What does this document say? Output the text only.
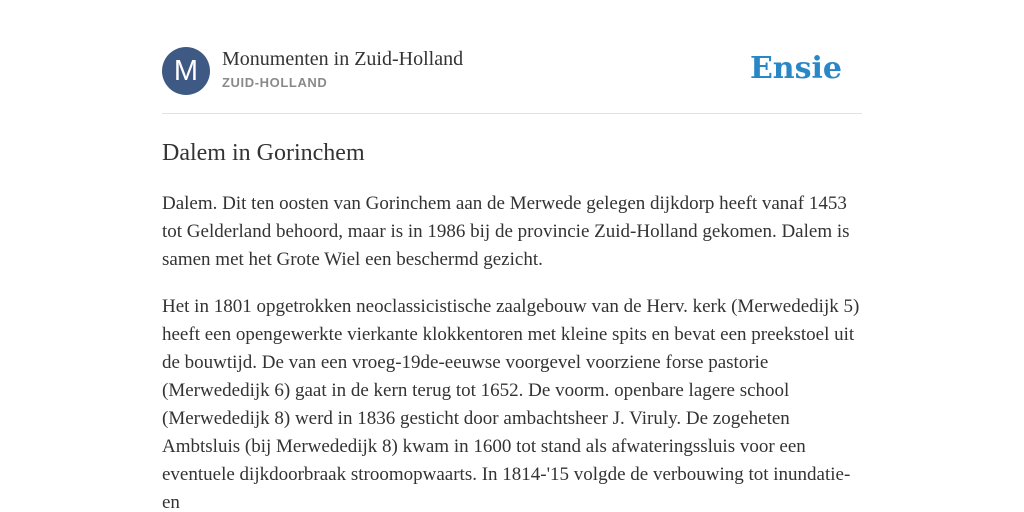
M	Monumenten in Zuid-Holland
ZUID-HOLLAND	Ensie
Dalem in Gorinchem

Dalem. Dit ten oosten van Gorinchem aan de Merwede gelegen dijkdorp heeft vanaf 1453 tot Gelderland behoord, maar is in 1986 bij de provincie Zuid-Holland gekomen. Dalem is samen met het Grote Wiel een beschermd gezicht.

Het in 1801 opgetrokken neoclassicistische zaalgebouw van de Herv. kerk (Merwededijk 5) heeft een opengewerkte vierkante klokkentoren met kleine spits en bevat een preekstoel uit de bouwtijd. De van een vroeg-19de-eeuwse voorgevel voorziene forse pastorie (Merwededijk 6) gaat in de kern terug tot 1652. De voorm. openbare lagere school (Merwededijk 8) werd in 1836 gesticht door ambachtsheer J. Viruly. De zogeheten Ambtsluis (bij Merwededijk 8) kwam in 1600 tot stand als afwateringssluis voor een eventuele dijkdoorbraak stroomopwaarts. In 1814-'15 volgde de verbouwing tot inundatie- en
